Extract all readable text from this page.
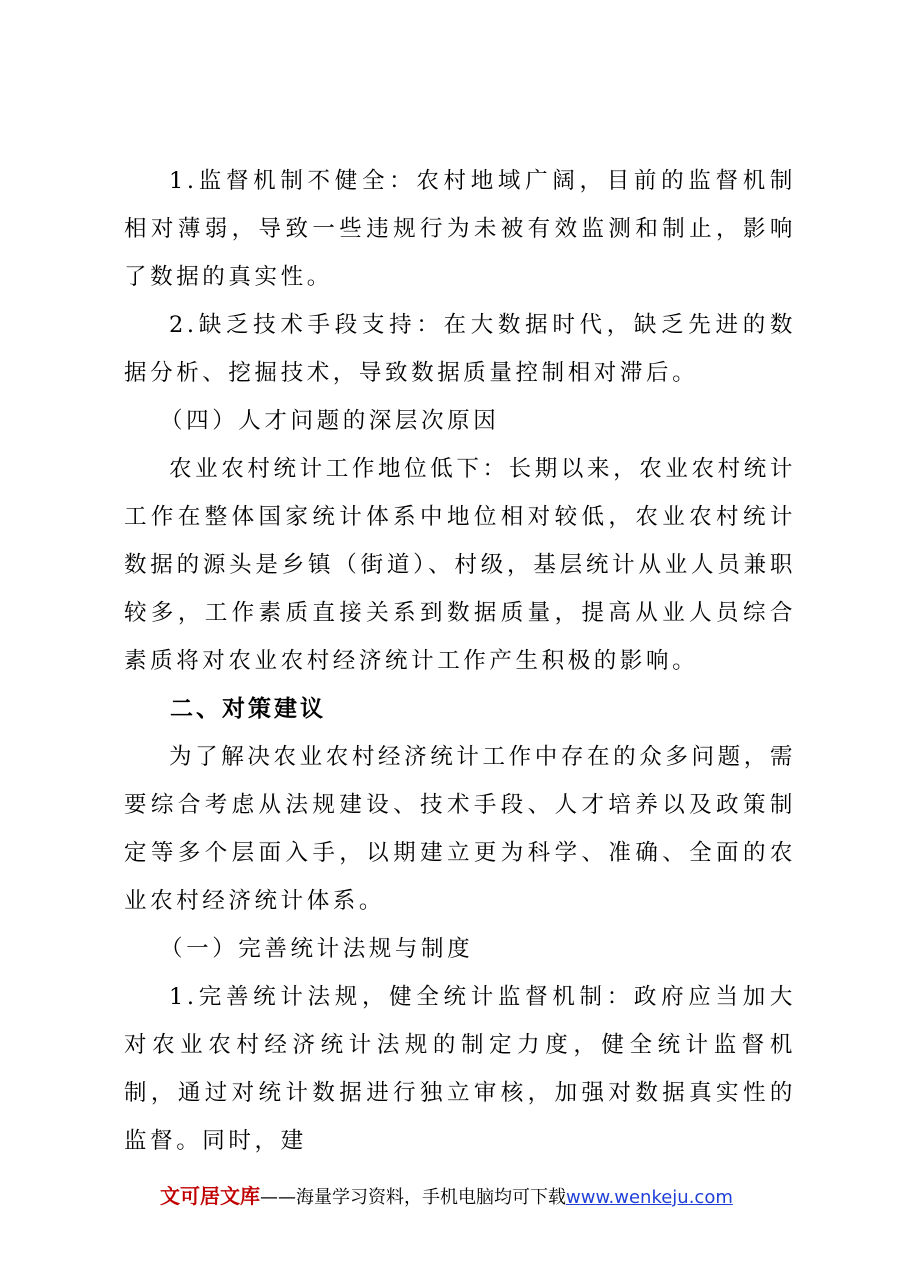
1.监督机制不健全：农村地域广阔，目前的监督机制相对薄弱，导致一些违规行为未被有效监测和制止，影响了数据的真实性。

2.缺乏技术手段支持：在大数据时代，缺乏先进的数据分析、挖掘技术，导致数据质量控制相对滞后。

（四）人才问题的深层次原因

农业农村统计工作地位低下：长期以来，农业农村统计工作在整体国家统计体系中地位相对较低，农业农村统计数据的源头是乡镇（街道）、村级，基层统计从业人员兼职较多，工作素质直接关系到数据质量，提高从业人员综合素质将对农业农村经济统计工作产生积极的影响。

二、对策建议

为了解决农业农村经济统计工作中存在的众多问题，需要综合考虑从法规建设、技术手段、人才培养以及政策制定等多个层面入手，以期建立更为科学、准确、全面的农业农村经济统计体系。

（一）完善统计法规与制度

1.完善统计法规，健全统计监督机制：政府应当加大对农业农村经济统计法规的制定力度，健全统计监督机制，通过对统计数据进行独立审核，加强对数据真实性的监督。同时，建

文可居文库——海量学习资料，手机电脑均可下载www.wenkeju.com
